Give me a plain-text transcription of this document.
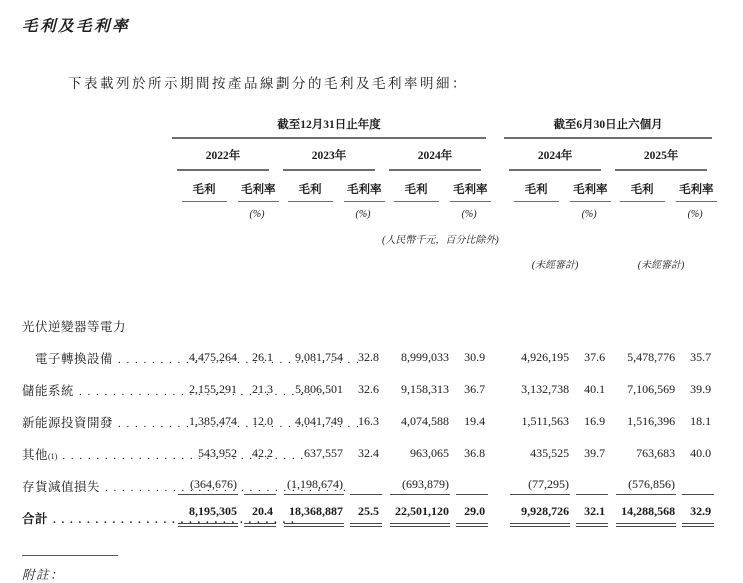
毛利及毛利率

下表載列於所示期間按產品線劃分的毛利及毛利率明細：

	截至12月31日止年度							截至6月30日止六個月			

	2022年		2023年		2024年			2024年		2025年	

	毛利	毛利率	毛利	毛利率	毛利	毛利率		毛利	毛利率	毛利	毛利率
		(%)		(%)		(%)			(%)		(%)
					(人民幣千元，百分比除外)						
								(未經審計)		(未經審計)	

光伏逆變器等電力											

電子轉換設備
. . .	4,475,264	26.1	9,081,754	32.8	8,999,033	30.9		4,926,195	37.6	5,478,776	35.7

儲能系統
. . .	2,155,291	21.3	5,806,501	32.6	9,158,313	36.7		3,132,738	40.1	7,106,569	39.9

新能源投資開發
. . .	1,385,474	12.0	4,041,749	16.3	4,074,588	19.4		1,511,563	16.9	1,516,396	18.1

其他 (1)
. . .	543,952	42.2	637,557	32.4	963,065	36.8		435,525	39.7	763,683	40.0

存貨減值損失
. . .	(364,676)		(1,198,674)		(693,879)			(77,295)		(576,856)	

合計
. . .	8,195,305	20.4	18,368,887	25.5	22,501,120	29.0		9,928,726	32.1	14,288,568	32.9

附註：
